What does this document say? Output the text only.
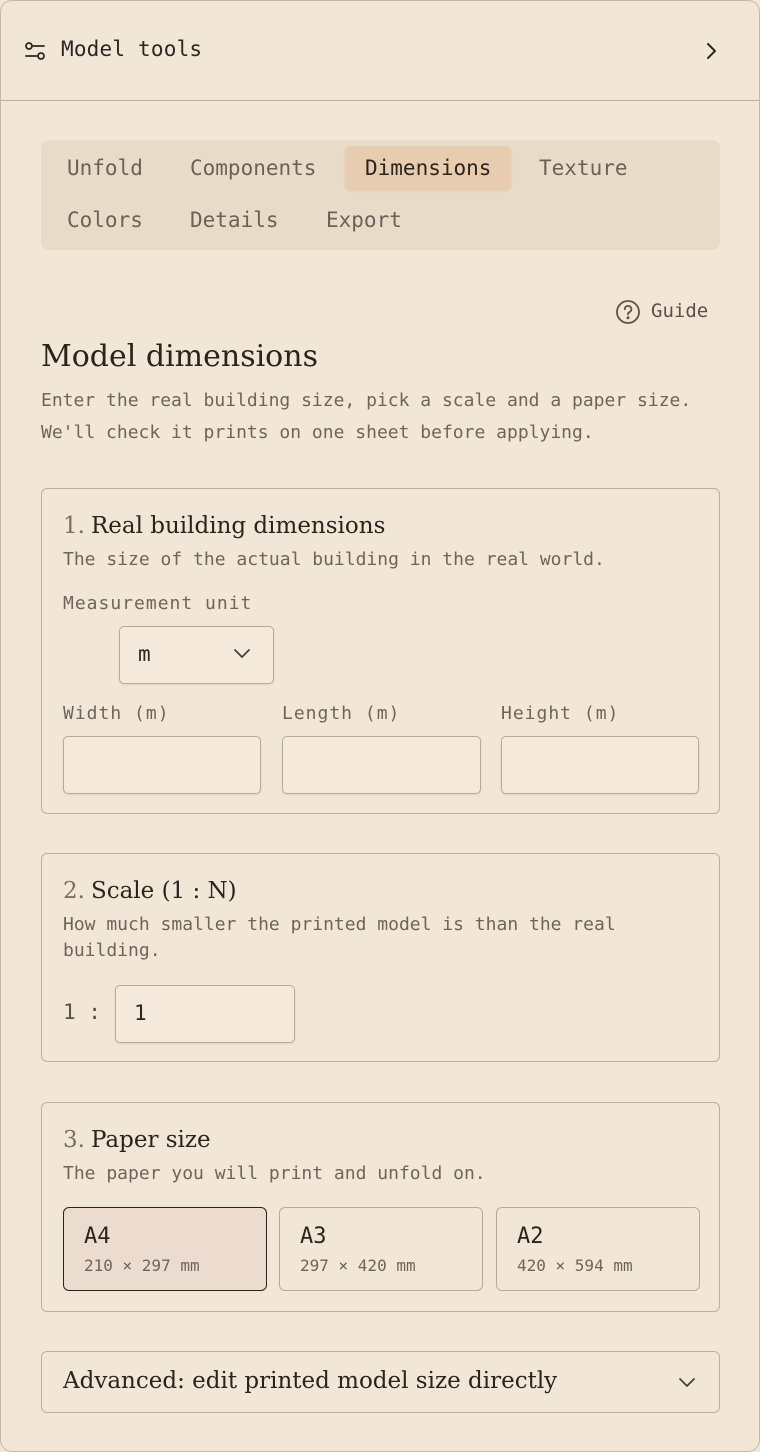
Model tools
Unfold	Components	Dimensions	Texture
Colors	Details	Export
Guide
Model dimensions
Enter the real building size, pick a scale and a paper size.
We'll check it prints on one sheet before applying.
1. Real building dimensions
The size of the actual building in the real world.
Measurement unit
m
Width (m)	Length (m)	Height (m)
2. Scale (1 : N)
How much smaller the printed model is than the real
building.
1 :	1
3. Paper size
The paper you will print and unfold on.
A4
210 × 297 mm
A3
297 × 420 mm
A2
420 × 594 mm
Advanced: edit printed model size directly
